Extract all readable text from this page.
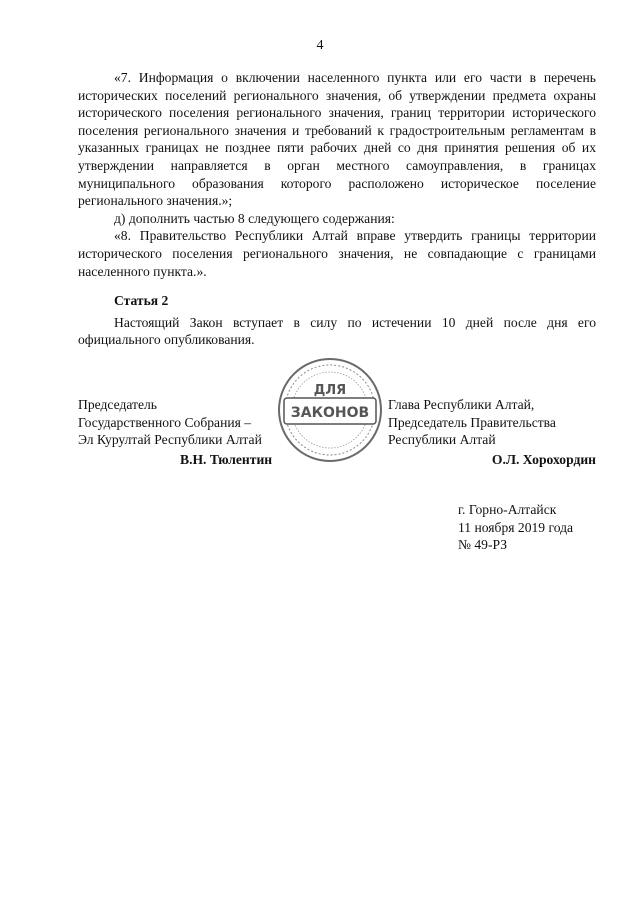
4

«7. Информация о включении населенного пункта или его части в перечень исторических поселений регионального значения, об утверждении предмета охраны исторического поселения регионального значения, границ территории исторического поселения регионального значения и требований к градостроительным регламентам в указанных границах не позднее пяти рабочих дней со дня принятия решения об их утверждении направляется в орган местного самоуправления, в границах муниципального образования которого расположено историческое поселение регионального значения.»;

д) дополнить частью 8 следующего содержания:

«8. Правительство Республики Алтай вправе утвердить границы территории исторического поселения регионального значения, не совпадающие с границами населенного пункта.».

Статья 2

Настоящий Закон вступает в силу по истечении 10 дней после дня его официального опубликования.

ДЛЯ
ЗАКОНОВ
Председатель
Государственного Собрания –
Эл Курултай Республики Алтай
В.Н. Тюлентин
Глава Республики Алтай,
Председатель Правительства
Республики Алтай
О.Л. Хорохордин
г. Горно-Алтайск
11 ноября 2019 года
№ 49-РЗ
